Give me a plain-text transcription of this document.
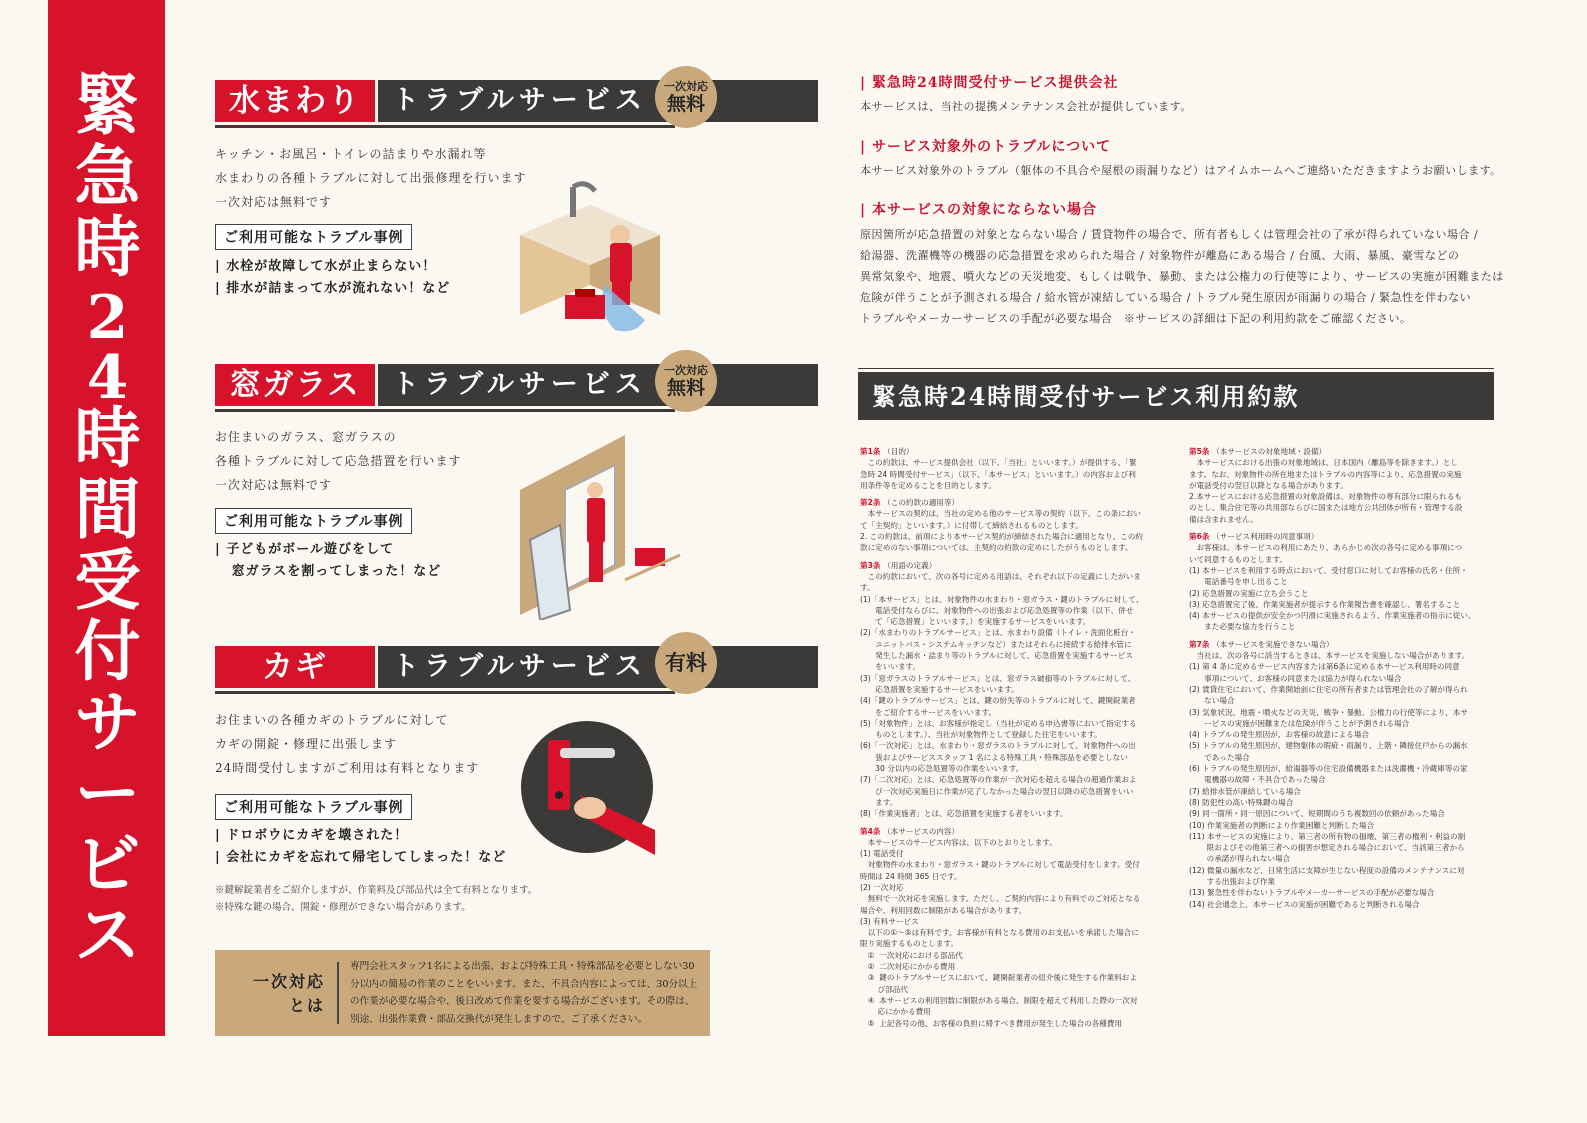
緊
急
時
2
4
時
間
受
付
サ
ー
ビ
ス
水まわり	トラブルサービス	一次対応
無料
キッチン・お風呂・トイレの詰まりや水漏れ等
水まわりの各種トラブルに対して出張修理を行います
一次対応は無料です
ご利用可能なトラブル事例
| 水栓が故障して水が止まらない！
| 排水が詰まって水が流れない！など
窓ガラス	トラブルサービス	一次対応
無料
お住まいのガラス、窓ガラスの
各種トラブルに対して応急措置を行います
一次対応は無料です
ご利用可能なトラブル事例
| 子どもがボール遊びをして
窓ガラスを割ってしまった！など
カギ	トラブルサービス 有料
お住まいの各種カギのトラブルに対して
カギの開錠・修理に出張します
24時間受付しますがご利用は有料となります
ご利用可能なトラブル事例
| ドロボウにカギを壊された！
| 会社にカギを忘れて帰宅してしまった！など
※鍵解錠業者をご紹介しますが、作業料及び部品代は全て有料となります。
※特殊な鍵の場合、開錠・修理ができない場合があります。
一次対応
とは
専門会社スタッフ1名による出張、および特殊工具・特殊部品を必要としない30分以内の簡易の作業のことをいいます。また、不具合内容によっては、30分以上の作業が必要な場合や、後日改めて作業を要する場合がございます。その際は、別途、出張作業費・部品交換代が発生しますので、ご了承ください。
| 緊急時24時間受付サービス提供会社
本サービスは、当社の提携メンテナンス会社が提供しています。
| サービス対象外のトラブルについて
本サービス対象外のトラブル（躯体の不具合や屋根の雨漏りなど）はアイムホームへご連絡いただきますようお願いします。
| 本サービスの対象にならない場合
原因箇所が応急措置の対象とならない場合 / 賃貸物件の場合で、所有者もしくは管理会社の了承が得られていない場合 /
給湯器、洗濯機等の機器の応急措置を求められた場合 / 対象物件が離島にある場合 / 台風、大雨、暴風、豪雪などの
異常気象や、地震、噴火などの天災地変、もしくは戦争、暴動、または公権力の行使等により、サービスの実施が困難または
危険が伴うことが予測される場合 / 給水管が凍結している場合 / トラブル発生原因が雨漏りの場合 / 緊急性を伴わない
トラブルやメーカーサービスの手配が必要な場合　※サービスの詳細は下記の利用約款をご確認ください。
緊急時24時間受付サービス利用約款
第1条 （目的）
　この約款は、サービス提供会社（以下、「当社」といいます。）が提供する、「緊
急時 24 時間受付サービス」（以下、「本サービス」といいます。）の内容および利
用条件等を定めることを目的とします。
第2条 （この約款の適用等）
　本サービスの契約は、当社の定める他のサービス等の契約（以下、この条におい
て「主契約」といいます。）に付帯して締結されるものとします。
2. この約款は、前項により本サービス契約が締結された場合に適用となり、この約
款に定めのない事項については、主契約の約款の定めにしたがうものとします。
第3条 （用語の定義）
　この約款において、次の各号に定める用語は、それぞれ以下の定義にしたがいま
す。
(1)「本サービス」とは、対象物件の水まわり・窓ガラス・鍵のトラブルに対して、
　　電話受付ならびに、対象物件への出張および応急処置等の作業（以下、併せ
　　て「応急措置」といいます。）を実施するサービスをいいます。
(2)「水まわりのトラブルサービス」とは、水まわり設備（トイレ・洗面化粧台・
　　ユニットバス・システムキッチンなど）またはそれらに接続する給排水管に
　　発生した漏水・詰まり等のトラブルに対して、応急措置を実施するサービス
　　をいいます。
(3)「窓ガラスのトラブルサービス」とは、窓ガラス破損等のトラブルに対して、
　　応急措置を実施するサービスをいいます。
(4)「鍵のトラブルサービス」とは、鍵の紛失等のトラブルに対して、鍵開錠業者
　　をご紹介するサービスをいいます。
(5)「対象物件」とは、お客様が指定し（当社が定める申込書等において指定する
　　ものとします。）、当社が対象物件として登録した住宅をいいます。
(6)「一次対応」とは、水まわり・窓ガラスのトラブルに対して、対象物件への出
　　張およびサービススタッフ 1 名による特殊工具・特殊部品を必要としない
　　30 分以内の応急処置等の作業をいいます。
(7)「二次対応」とは、応急処置等の作業が一次対応を超える場合の超過作業およ
　　び一次対応実施日に作業が完了しなかった場合の翌日以降の応急措置をいい
　　ます。
(8)「作業実施者」とは、応急措置を実施する者をいいます。
第4条 （本サービスの内容）
　本サービスのサービス内容は、以下のとおりとします。
(1) 電話受付
　対象物件の水まわり・窓ガラス・鍵のトラブルに対して電話受付をします。受付
時間は 24 時間 365 日です。
(2) 一次対応
　無料で一次対応を実施します。ただし、ご契約内容により有料でのご対応となる
場合や、利用回数に制限がある場合があります。
(3) 有料サービス
　以下の①～⑤は有料です。お客様が有料となる費用のお支払いを承諾した場合に
限り実施するものとします。
　①  一次対応における部品代
　②  二次対応にかかる費用
　③  鍵のトラブルサービスにおいて、鍵開錠業者の紹介後に発生する作業料およ
　　 び部品代
　④  本サービスの利用回数に制限がある場合、制限を超えて利用した際の一次対
　　 応にかかる費用
　⑤  上記各号の他、お客様の負担に帰すべき費用が発生した場合の各種費用
第5条 （本サービスの対象地域・設備）
　本サービスにおける出張の対象地域は、日本国内（離島等を除きます。）とし
ます。なお、対象物件の所在地またはトラブルの内容等により、応急措置の実施
が電話受付の翌日以降となる場合があります。
2.本サービスにおける応急措置の対象設備は、対象物件の専有部分に限られるも
のとし、集合住宅等の共用部ならびに国または地方公共団体が所有・管理する設
備は含まれません。
第6条 （サービス利用時の同意事項）
　お客様は、本サービスの利用にあたり、あらかじめ次の各号に定める事項につ
いて同意するものとします。
(1) 本サービスを利用する時点において、受付窓口に対してお客様の氏名・住所・
　　電話番号を申し出ること
(2) 応急措置の実施に立ち会うこと
(3) 応急措置完了後、作業実施者が提示する作業報告書を確認し、署名すること
(4) 本サービスの提供が安全かつ円滑に実施されるよう、作業実施者の指示に従い、
　　また必要な協力を行うこと
第7条 （本サービスを実施できない場合）
　当社は、次の各号に該当するときは、本サービスを実施しない場合があります。
(1) 第 4 条に定めるサービス内容または第6条に定める本サービス利用時の同意
　　事項について、お客様の同意または協力が得られない場合
(2) 賃貸住宅において、作業開始前に住宅の所有者または管理会社の了解が得られ
　　ない場合
(3) 気象状況、地震・噴火などの天災、戦争・暴動、公権力の行使等により、本サ
　　ービスの実施が困難または危険が伴うことが予測される場合
(4) トラブルの発生原因が、お客様の故意による場合
(5) トラブルの発生原因が、建物躯体の瑕疵・雨漏り、上階・隣接住戸からの漏水
　　であった場合
(6) トラブルの発生原因が、給湯器等の住宅設備機器または洗濯機・冷蔵庫等の家
　　電機器の故障・不具合であった場合
(7) 給排水管が凍結している場合
(8) 防犯性の高い特殊鍵の場合
(9) 同一箇所・同一原因について、短期間のうち複数回の依頼があった場合
(10) 作業実施者の判断により作業困難と判断した場合
(11) 本サービスの実施により、第三者の所有物の損壊、第三者の権利・利益の制
　　 限およびその他第三者への損害が想定される場合において、当該第三者から
　　 の承諾が得られない場合
(12) 微量の漏水など、日常生活に支障が生じない程度の設備のメンテナンスに対
　　 する出張および作業
(13) 緊急性を伴わないトラブルやメーカーサービスの手配が必要な場合
(14) 社会通念上、本サービスの実施が困難であると判断される場合
